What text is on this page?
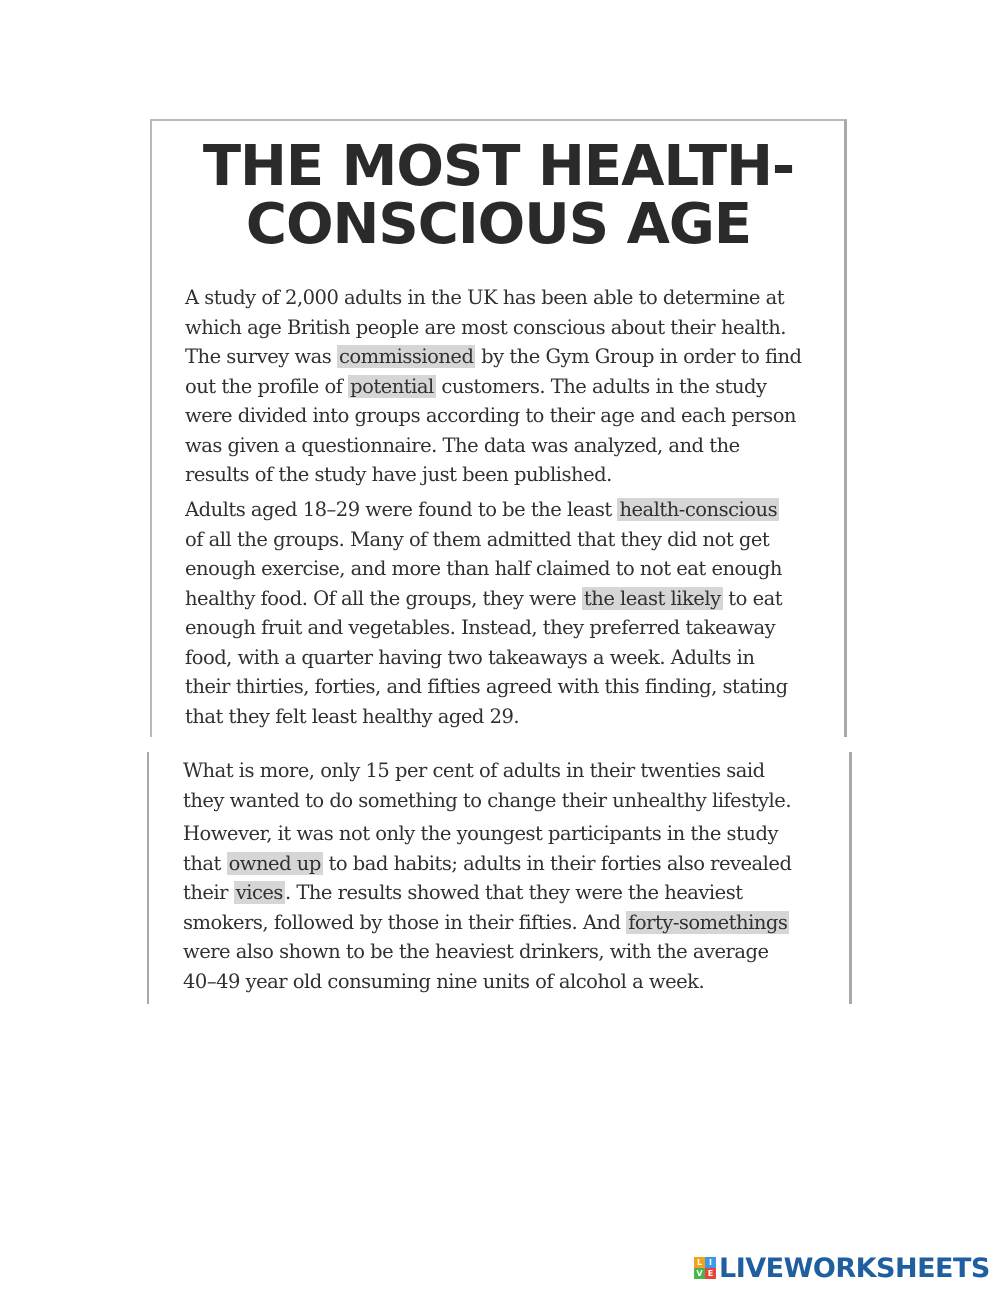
THE MOST HEALTH-
CONSCIOUS AGE
A study of 2,000 adults in the UK has been able to determine at
which age British people are most conscious about their health.
The survey was commissioned by the Gym Group in order to find
out the profile of potential customers. The adults in the study
were divided into groups according to their age and each person
was given a questionnaire. The data was analyzed, and the
results of the study have just been published.
Adults aged 18–29 were found to be the least health-conscious
of all the groups. Many of them admitted that they did not get
enough exercise, and more than half claimed to not eat enough
healthy food. Of all the groups, they were the least likely to eat
enough fruit and vegetables. Instead, they preferred takeaway
food, with a quarter having two takeaways a week. Adults in
their thirties, forties, and fifties agreed with this finding, stating
that they felt least healthy aged 29.
What is more, only 15 per cent of adults in their twenties said
they wanted to do something to change their unhealthy lifestyle.
However, it was not only the youngest participants in the study
that owned up to bad habits; adults in their forties also revealed
their vices . The results showed that they were the heaviest
smokers, followed by those in their fifties. And forty-somethings
were also shown to be the heaviest drinkers, with the average
40–49 year old consuming nine units of alcohol a week.
L I
V E LIVEWORKSHEETS
